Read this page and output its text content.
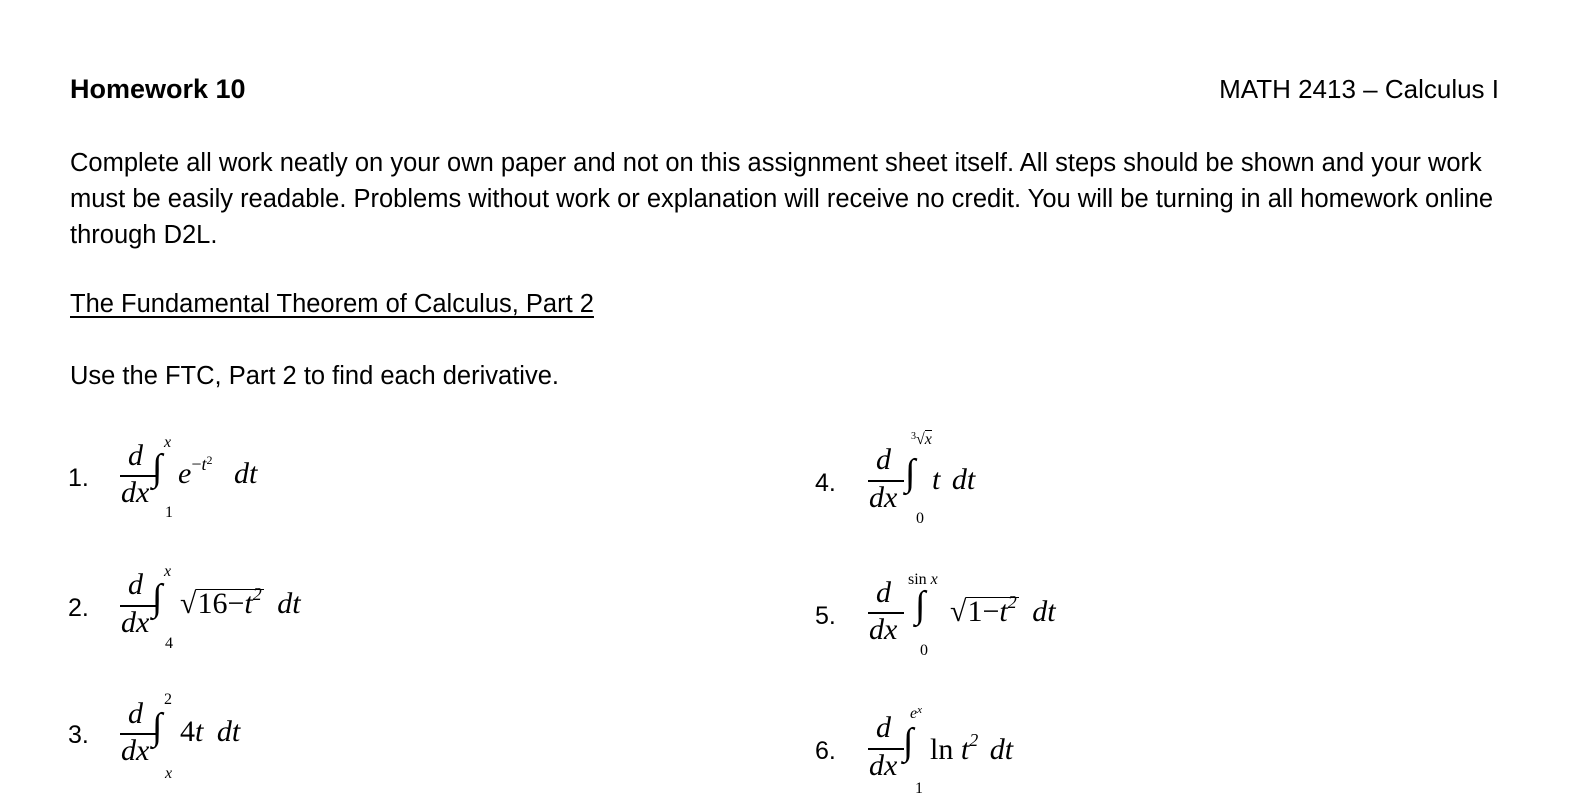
Homework 10	MATH 2413 – Calculus I
Complete all work neatly on your own paper and not on this assignment sheet itself. All steps should be shown and your work must be easily readable. Problems without work or explanation will receive no credit. You will be turning in all homework online through D2L.
The Fundamental Theorem of Calculus, Part 2
Use the FTC, Part 2 to find each derivative.
1.
d
dx
x
∫
1
$e^{-t^2}$ dt
2.
d
dx
x
∫
4
$√16-t^2$ dt
3.
d
dx
2
∫
x
4t dt
4.
d
dx
$^3$√x
∫
0
t dt
5.
d
dx
sin x
∫
0
$√1-t^2$ dt
6.
d
dx
$e^x$
∫
1
$\ln t^2$ dt
